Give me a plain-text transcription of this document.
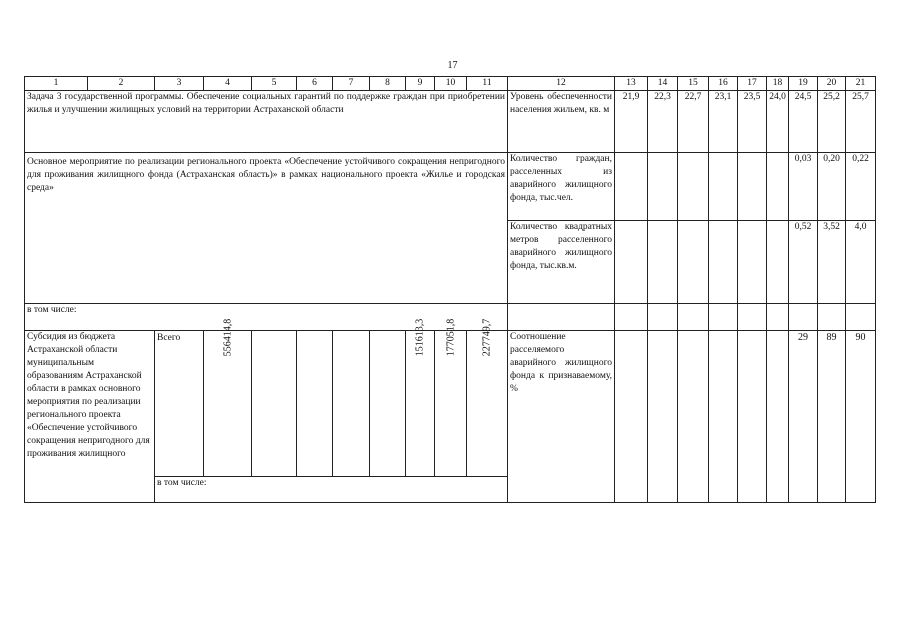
17
1	2	3	4	5	6	7	8	9	10	11	12	13	14	15	16	17	18	19	20	21
Задача 3 государственной программы. Обеспечение социальных гарантий по поддержке граждан при приобретении жилья и улучшении жилищных условий на территории Астраханской области											Уровень обеспеченности населения жильем, кв. м	21,9	22,3	22,7	23,1	23,5	24,0	24,5	25,2	25,7
Основное мероприятие по реализации регионального проекта «Обеспечение устойчивого сокращения непригодного для проживания жилищного фонда (Астраханская область)» в рамках национального проекта «Жилье и городская среда»											Количество граждан, расселенных из аварийного жилищного фонда, тыс.чел.							0,03	0,20	0,22
											Количество квадратных метров расселенного аварийного жилищного фонда, тыс.кв.м.							0,52	3,52	4,0
в том числе:																				
Субсидия из бюджета Астраханской области муниципальным образованиям Астраханской области в рамках основного мероприятия по реализации регионального проекта «Обеспечение устойчивого сокращения непригодного для проживания жилищного		Всего	556414,8					151613,3	177051,8	227749,7	Соотношение расселяемого аварийного жилищного фонда к признаваемому, %							29	89	90
		в том числе:																		
